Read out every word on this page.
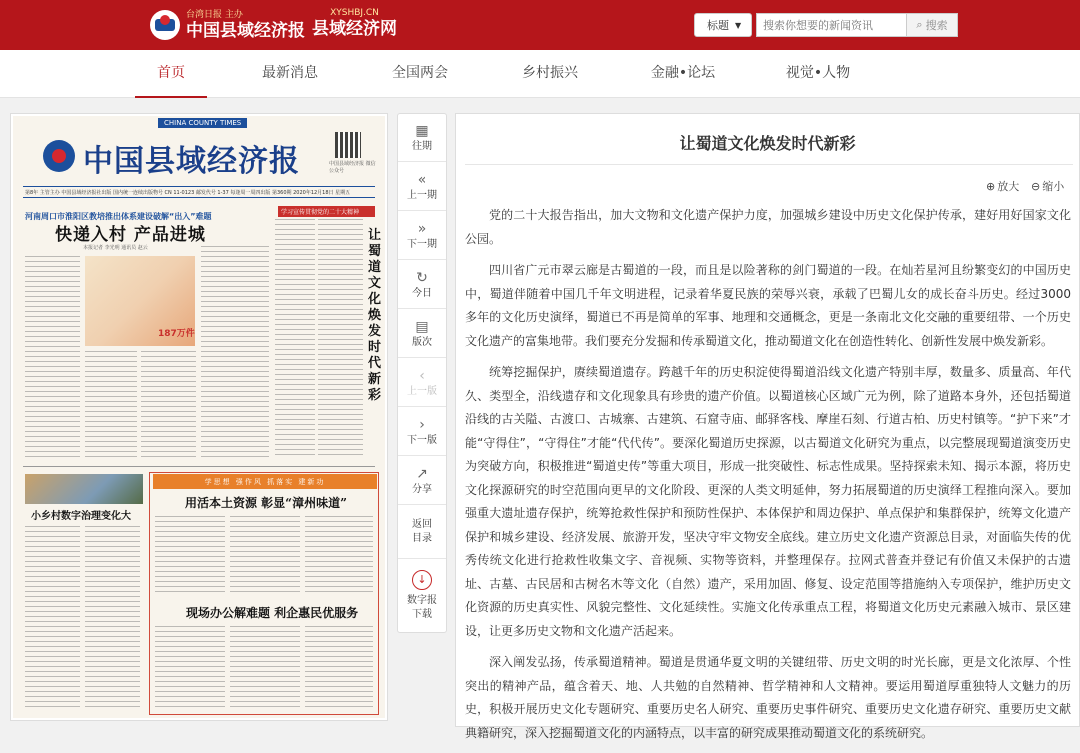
台湾日报 主办
中国县域经济报
XYSHBJ.CN
县域经济网	标题 ▼
搜索你想要的新闻资讯	⌕ 搜索
首页	最新消息	全国两会	乡村振兴	金融•论坛	视觉•人物
CHINA COUNTY TIMES
中国县域经济报	中国县域经济报 微信公众号
第8年 主管主办 中国县域经济报社出版 国内统一连续出版物号 CN 11-0123 邮发代号 1-37 每逢周一周四出版 第360期 2020年12月18日 星期五
河南周口市淮阳区教培推出体系建设破解“出入”难题
快递入村 产品进城
本报记者 李光明 通讯员 赵云
187万件
学习宣传贯彻党的二十大精神
让蜀道文化焕发时代新彩
小乡村数字治理变化大
学思想 强作风 抓落实 建新功
用活本土资源 彰显“漳州味道”
现场办公解难题 利企惠民优服务
▦
往期
«
上一期
»
下一期
↻
今日
▤
版次
‹
上一版
›
下一版
↗
分享
返回目录
↓
数字报下载
让蜀道文化焕发时代新彩
⊕ 放大 ⊖ 缩小

党的二十大报告指出，加大文物和文化遗产保护力度，加强城乡建设中历史文化保护传承，建好用好国家文化公园。

四川省广元市翠云廊是古蜀道的一段，而且是以险著称的剑门蜀道的一段。在灿若星河且纷繁变幻的中国历史中，蜀道伴随着中国几千年文明进程，记录着华夏民族的荣辱兴衰，承载了巴蜀儿女的成长奋斗历史。经过3000多年的文化历史演绎，蜀道已不再是简单的军事、地理和交通概念，更是一条南北文化交融的重要纽带、一个历史文化遗产的富集地带。我们要充分发掘和传承蜀道文化，推动蜀道文化在创造性转化、创新性发展中焕发新彩。

统筹挖掘保护，赓续蜀道遗存。跨越千年的历史积淀使得蜀道沿线文化遗产特别丰厚，数量多、质量高、年代久、类型全，沿线遗存和文化现象具有珍贵的遗产价值。以蜀道核心区域广元为例，除了道路本身外，还包括蜀道沿线的古关隘、古渡口、古城寨、古建筑、石窟寺庙、邮驿客栈、摩崖石刻、行道古柏、历史村镇等。“护下来”才能“守得住”，“守得住”才能“代代传”。要深化蜀道历史探源，以古蜀道文化研究为重点，以完整展现蜀道演变历史为突破方向，积极推进“蜀道史传”等重大项目，形成一批突破性、标志性成果。坚持探索未知、揭示本源，将历史文化探源研究的时空范围向更早的文化阶段、更深的人类文明延伸，努力拓展蜀道的历史演绎工程推向深入。要加强重大遗址遗存保护，统筹抢救性保护和预防性保护、本体保护和周边保护、单点保护和集群保护，统筹文化遗产保护和城乡建设、经济发展、旅游开发，坚决守牢文物安全底线。建立历史文化遗产资源总目录，对面临失传的优秀传统文化进行抢救性收集文字、音视频、实物等资料，并整理保存。拉网式普查并登记有价值又未保护的古遗址、古墓、古民居和古树名木等文化（自然）遗产，采用加固、修复、设定范围等措施纳入专项保护，维护历史文化资源的历史真实性、风貌完整性、文化延续性。实施文化传承重点工程，将蜀道文化历史元素融入城市、景区建设，让更多历史文物和文化遗产活起来。

深入阐发弘扬，传承蜀道精神。蜀道是贯通华夏文明的关键纽带、历史文明的时光长廊，更是文化浓厚、个性突出的精神产品，蕴含着天、地、人共勉的自然精神、哲学精神和人文精神。要运用蜀道厚重独特人文魅力的历史，积极开展历史文化专题研究、重要历史名人研究、重要历史事件研究、重要历史文化遗存研究、重要历史文献典籍研究，深入挖掘蜀道文化的内涵特点，以丰富的研究成果推动蜀道文化的系统研究。
